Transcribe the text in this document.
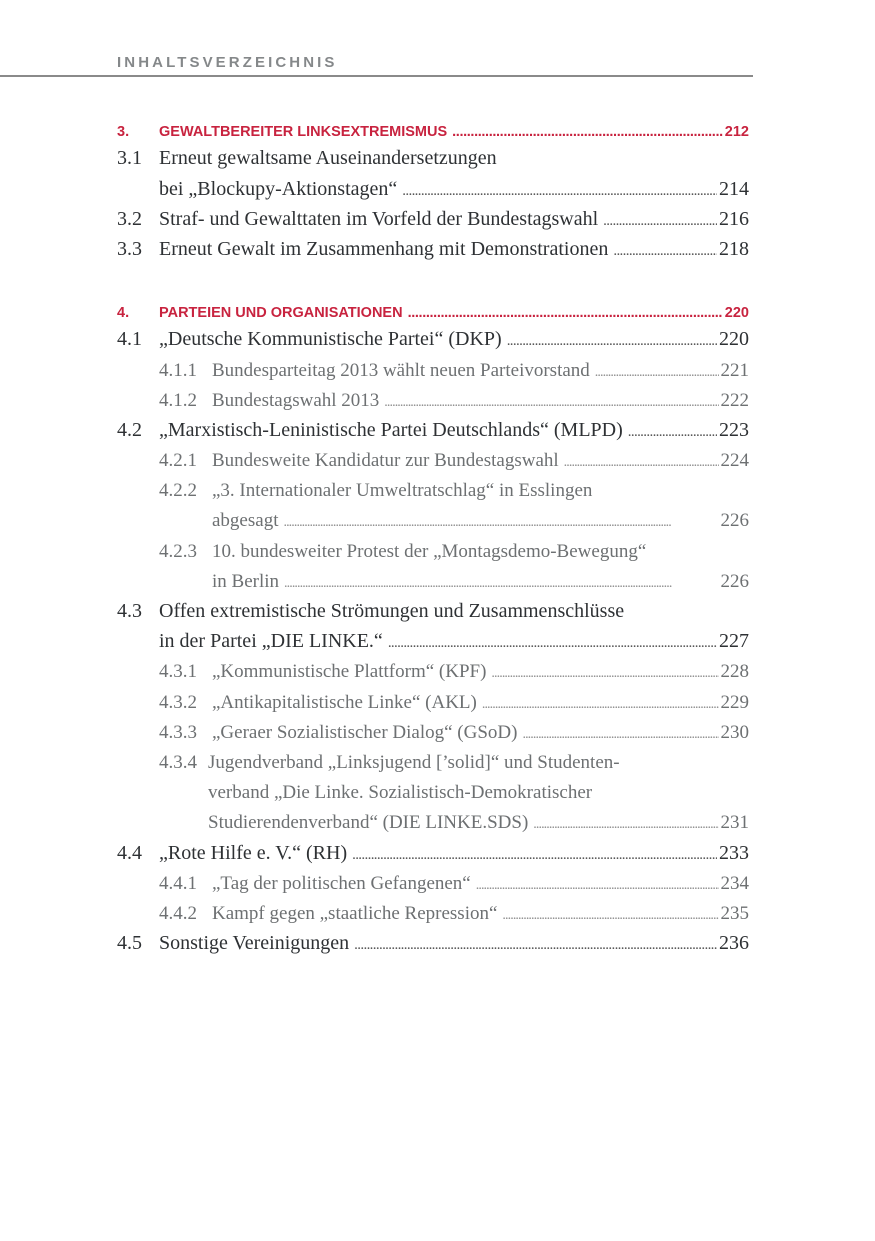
INHALTSVERZEICHNIS
3.	GEWALTBEREITER LINKSEXTREMISMUS . . .	212
3.1 Erneut gewaltsame Auseinandersetzungen
bei „Blockupy-Aktionstagen“ . . .	214
3.2 Straf- und Gewalttaten im Vorfeld der Bundestagswahl . . .	216
3.3 Erneut Gewalt im Zusammenhang mit Demonstrationen . . .	218
4.	PARTEIEN UND ORGANISATIONEN . . .	220
4.1 „Deutsche Kommunistische Partei“ (DKP) . . .	220
4.1.1 Bundesparteitag 2013 wählt neuen Parteivorstand . . .	221
4.1.2 Bundestagswahl 2013 . . .	222
4.2 „Marxistisch-Leninistische Partei Deutschlands“ (MLPD) . . .	223
4.2.1 Bundesweite Kandidatur zur Bundestagswahl . . .	224
4.2.2 „3. Internationaler Umweltratschlag“ in Esslingen
abgesagt . . .	226
4.2.3 10. bundesweiter Protest der „Montagsdemo-Bewegung“
in Berlin . . .	226
4.3 Offen extremistische Strömungen und Zusammenschlüsse
in der Partei „DIE LINKE.“ . . .	227
4.3.1 „Kommunistische Plattform“ (KPF) . . .	228
4.3.2 „Antikapitalistische Linke“ (AKL) . . .	229
4.3.3 „Geraer Sozialistischer Dialog“ (GSoD) . . .	230
4.3.4 Jugendverband „Linksjugend [’solid]“ und Studenten-
verband „Die Linke. Sozialistisch-Demokratischer
Studierendenverband“ (DIE LINKE.SDS) . . .	231
4.4 „Rote Hilfe e. V.“ (RH) . . .	233
4.4.1 „Tag der politischen Gefangenen“ . . .	234
4.4.2 Kampf gegen „staatliche Repression“ . . .	235
4.5 Sonstige Vereinigungen . . .	236
